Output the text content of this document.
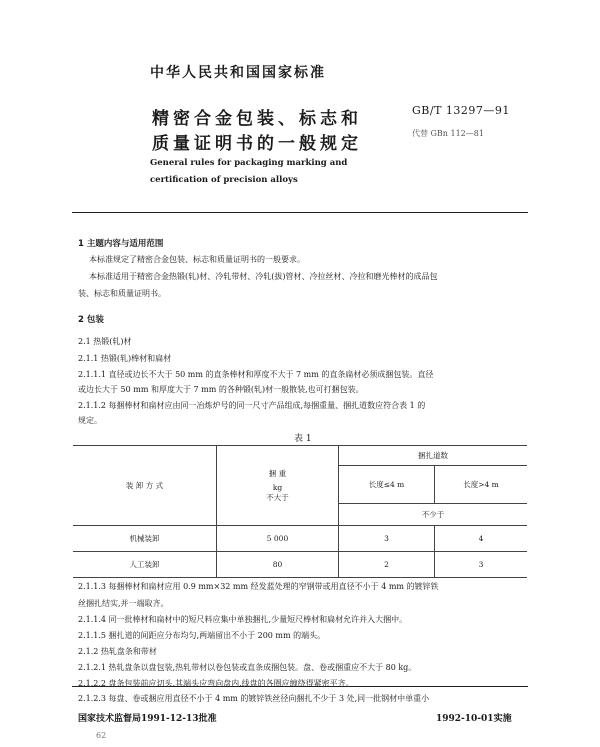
中华人民共和国国家标准
精密合金包装、标志和
质量证明书的一般规定
GB/T 13297—91
代替 GBn 112—81
General rules for packaging marking and
certification of precision alloys
1 主题内容与适用范围
本标准规定了精密合金包装、标志和质量证明书的一般要求。
本标准适用于精密合金热锻(轧)材、冷轧带材、冷轧(拔)管材、冷拉丝材、冷拉和磨光棒材的成品包
装、标志和质量证明书。
2 包装
2.1 热锻(轧)材
2.1.1 热锻(轧)棒材和扁材
2.1.1.1 直径或边长不大于 50 mm 的直条棒材和厚度不大于 7 mm 的直条扁材必须成捆包装。直径
或边长大于 50 mm 和厚度大于 7 mm 的各种锻(轧)材一般散装,也可打捆包装。
2.1.1.2 每捆棒材和扁材应由同一冶炼炉号的同一尺寸产品组成,每捆重量、捆扎道数应符合表 1 的
规定。
表 1
装 卸 方 式	捆 重
kg
不大于	捆扎道数	
		长度≤4 m	长度>4 m
		不少于	
机械装卸	5 000	3	4
人工装卸	80	2	3
2.1.1.3 每捆棒材和扁材应用 0.9 mm×32 mm 经发蓝处理的窄钢带或用直径不小于 4 mm 的镀锌铁
丝捆扎结实,并一端取齐。
2.1.1.4 同一批棒材和扁材中的短尺料应集中单独捆扎,少量短尺棒材和扁材允许并入大捆中。
2.1.1.5 捆扎道的间距应分布均匀,两端留出不小于 200 mm 的端头。
2.1.2 热轧盘条和带材
2.1.2.1 热轧盘条以盘包装,热轧带材以卷包装或直条成捆包装。盘、卷或捆重应不大于 80 kg。
2.1.2.2 盘条包装前应切头,其端头应弯向盘内,线盘的各圈应缠绕得紧密平齐。
2.1.2.3 每盘、卷或捆应用直径不小于 4 mm 的镀锌铁丝径向捆扎不少于 3 处,同一批钢材中单重小
国家技术监督局1991-12-13批准	1992-10-01实施
62
